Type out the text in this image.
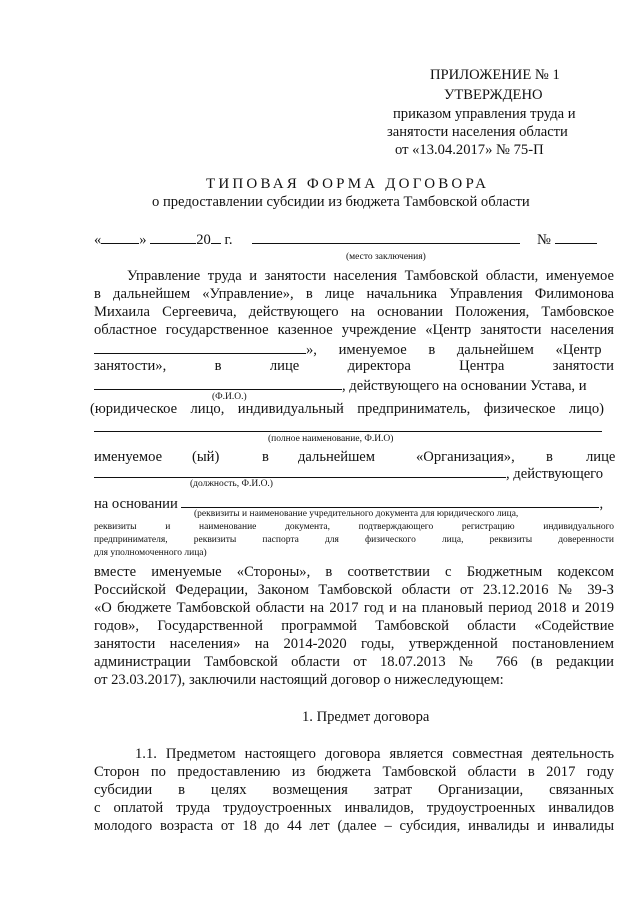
ПРИЛОЖЕНИЕ № 1
УТВЕРЖДЕНО
приказом управления труда и
занятости населения области
от «13.04.2017» № 75-П
ТИПОВАЯ ФОРМА ДОГОВОРА
о предоставлении субсидии из бюджета Тамбовской области
«	»	20 г.	№
(место заключения)
Управление труда и занятости населения Тамбовской области, именуемое
в дальнейшем «Управление», в лице начальника Управления Филимонова
Михаила Сергеевича, действующего на основании Положения, Тамбовское
областное государственное казенное учреждение «Центр занятости населения
», именуемое в дальнейшем «Центр
занятости», в лице директора Центра занятости
, действующего на основании Устава, и
(Ф.И.О.)
(юридическое лицо, индивидуальный предприниматель, физическое лицо)
(полное наименование, Ф.И.О)
именуемое (ый)	в дальнейшем	«Организация», в лице
, действующего
(должность, Ф.И.О.)
на основании	,
(реквизиты и наименование учредительного документа для юридического лица,
реквизиты и наименование документа, подтверждающего регистрацию индивидуального
предпринимателя, реквизиты паспорта для физического лица, реквизиты доверенности
для уполномоченного лица)
вместе именуемые «Стороны», в соответствии с Бюджетным кодексом
Российской Федерации, Законом Тамбовской области от 23.12.2016 № 39-З
«О бюджете Тамбовской области на 2017 год и на плановый период 2018 и 2019
годов», Государственной программой Тамбовской области «Содействие
занятости населения» на 2014-2020 годы, утвержденной постановлением
администрации Тамбовской области от 18.07.2013 № 766 (в редакции
от 23.03.2017), заключили настоящий договор о нижеследующем:
1. Предмет договора
1.1. Предметом настоящего договора является совместная деятельность
Сторон по предоставлению из бюджета Тамбовской области в 2017 году
субсидии в целях возмещения затрат Организации, связанных
с оплатой труда трудоустроенных инвалидов, трудоустроенных инвалидов
молодого возраста от 18 до 44 лет (далее – субсидия, инвалиды и инвалиды
